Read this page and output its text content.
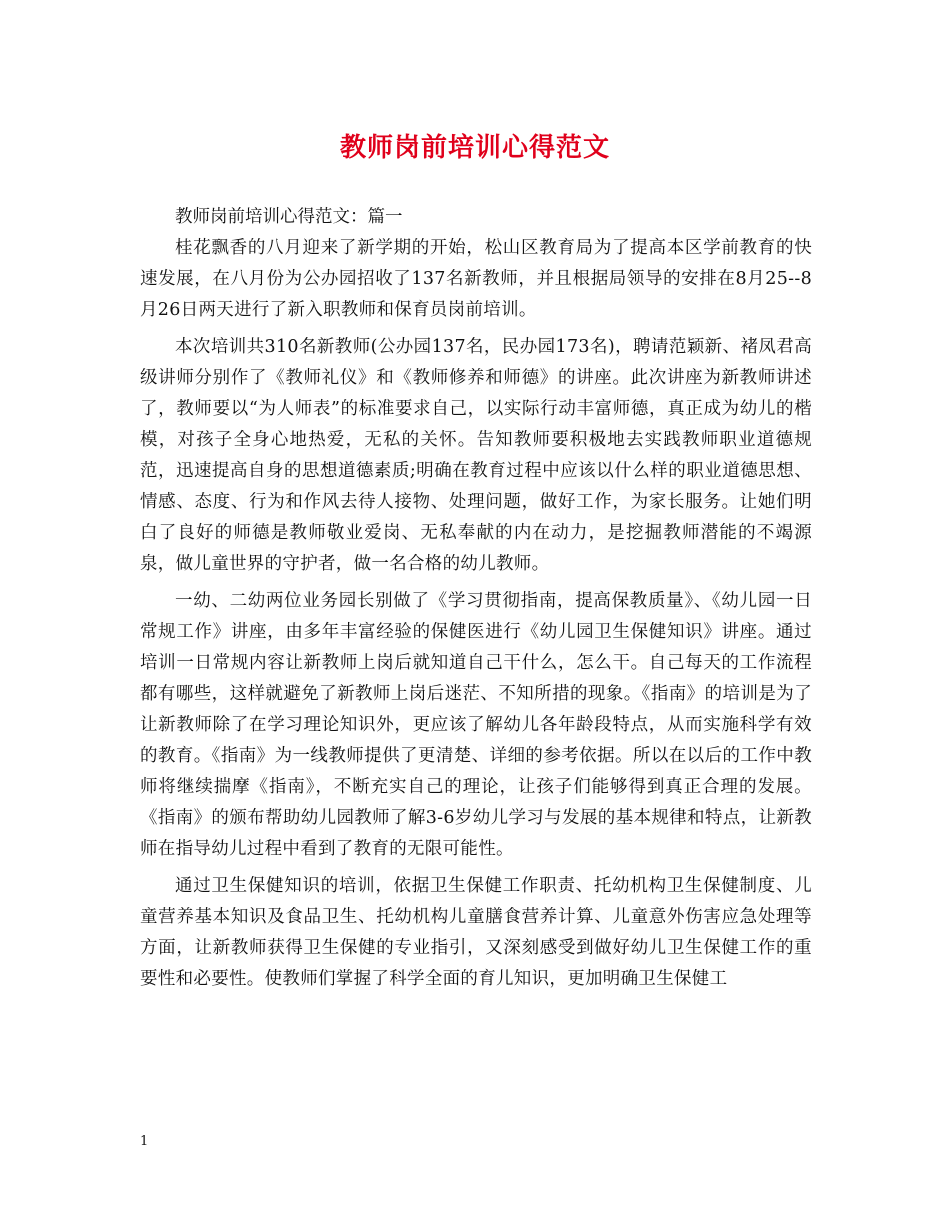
教师岗前培训心得范文

教师岗前培训心得范文：篇一

桂花飘香的八月迎来了新学期的开始，松山区教育局为了提高本区学前教育的快速发展，在八月份为公办园招收了137名新教师，并且根据局领导的安排在8月25--8月26日两天进行了新入职教师和保育员岗前培训。

本次培训共310名新教师(公办园137名，民办园173名)，聘请范颖新、褚凤君高级讲师分别作了《教师礼仪》和《教师修养和师德》的讲座。此次讲座为新教师讲述了，教师要以“为人师表”的标准要求自己，以实际行动丰富师德，真正成为幼儿的楷模，对孩子全身心地热爱，无私的关怀。告知教师要积极地去实践教师职业道德规范，迅速提高自身的思想道德素质;明确在教育过程中应该以什么样的职业道德思想、情感、态度、行为和作风去待人接物、处理问题，做好工作，为家长服务。让她们明白了良好的师德是教师敬业爱岗、无私奉献的内在动力，是挖掘教师潜能的不竭源泉，做儿童世界的守护者，做一名合格的幼儿教师。

一幼、二幼两位业务园长别做了《学习贯彻指南，提高保教质量》、《幼儿园一日常规工作》讲座，由多年丰富经验的保健医进行《幼儿园卫生保健知识》讲座。通过培训一日常规内容让新教师上岗后就知道自己干什么，怎么干。自己每天的工作流程都有哪些，这样就避免了新教师上岗后迷茫、不知所措的现象。《指南》的培训是为了让新教师除了在学习理论知识外，更应该了解幼儿各年龄段特点，从而实施科学有效的教育。《指南》为一线教师提供了更清楚、详细的参考依据。所以在以后的工作中教师将继续揣摩《指南》，不断充实自己的理论，让孩子们能够得到真正合理的发展。《指南》的颁布帮助幼儿园教师了解3-6岁幼儿学习与发展的基本规律和特点，让新教师在指导幼儿过程中看到了教育的无限可能性。

通过卫生保健知识的培训，依据卫生保健工作职责、托幼机构卫生保健制度、儿童营养基本知识及食品卫生、托幼机构儿童膳食营养计算、儿童意外伤害应急处理等方面，让新教师获得卫生保健的专业指引，又深刻感受到做好幼儿卫生保健工作的重要性和必要性。使教师们掌握了科学全面的育儿知识，更加明确卫生保健工

1
